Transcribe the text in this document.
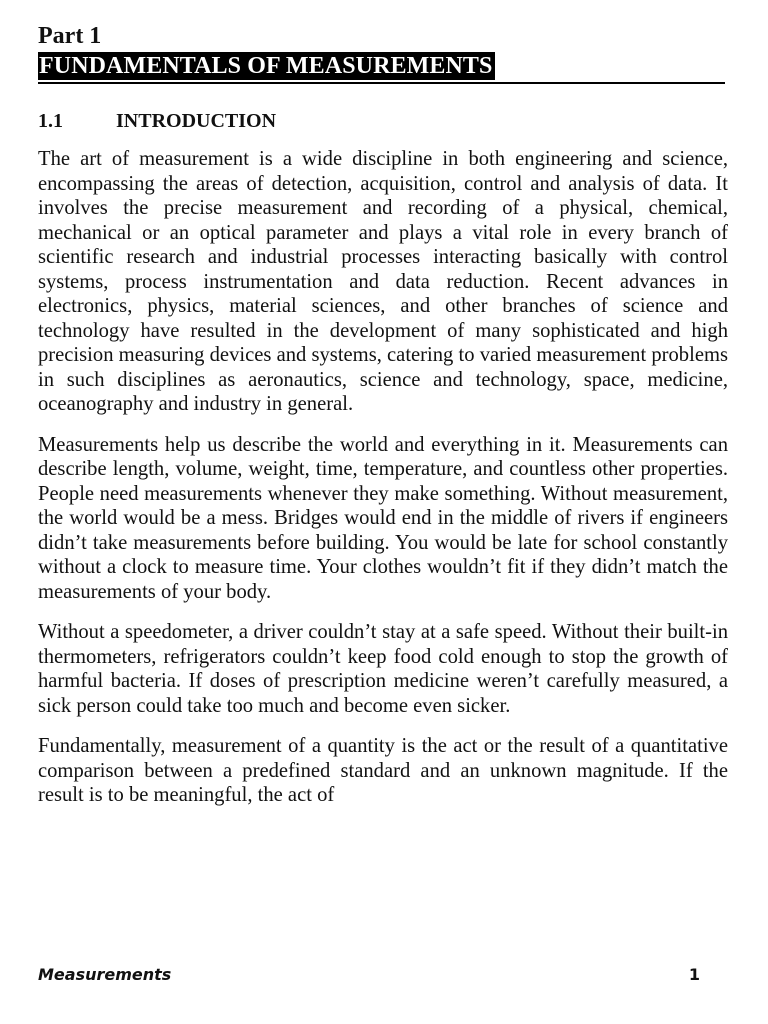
Part 1
FUNDAMENTALS OF MEASUREMENTS
1.1	INTRODUCTION

The art of measurement is a wide discipline in both engineering and science, encompassing the areas of detection, acquisition, control and analysis of data. It involves the precise measurement and recording of a physical, chemical, mechanical or an optical parameter and plays a vital role in every branch of scientific research and industrial processes interacting basically with control systems, process instrumentation and data reduction. Recent advances in electronics, physics, material sciences, and other branches of science and technology have resulted in the development of many sophisticated and high precision measuring devices and systems, catering to varied measurement problems in such disciplines as aeronautics, science and technology, space, medicine, oceanography and industry in general.

Measurements help us describe the world and everything in it. Measurements can describe length, volume, weight, time, temperature, and countless other properties. People need measurements whenever they make something. Without measurement, the world would be a mess. Bridges would end in the middle of rivers if engineers didn’t take measurements before building. You would be late for school constantly without a clock to measure time. Your clothes wouldn’t fit if they didn’t match the measurements of your body.

Without a speedometer, a driver couldn’t stay at a safe speed. Without their built-in thermometers, refrigerators couldn’t keep food cold enough to stop the growth of harmful bacteria. If doses of prescription medicine weren’t carefully measured, a sick person could take too much and become even sicker.

Fundamentally, measurement of a quantity is the act or the result of a quantitative comparison between a predefined standard and an unknown magnitude. If the result is to be meaningful, the act of

Measurements	1
